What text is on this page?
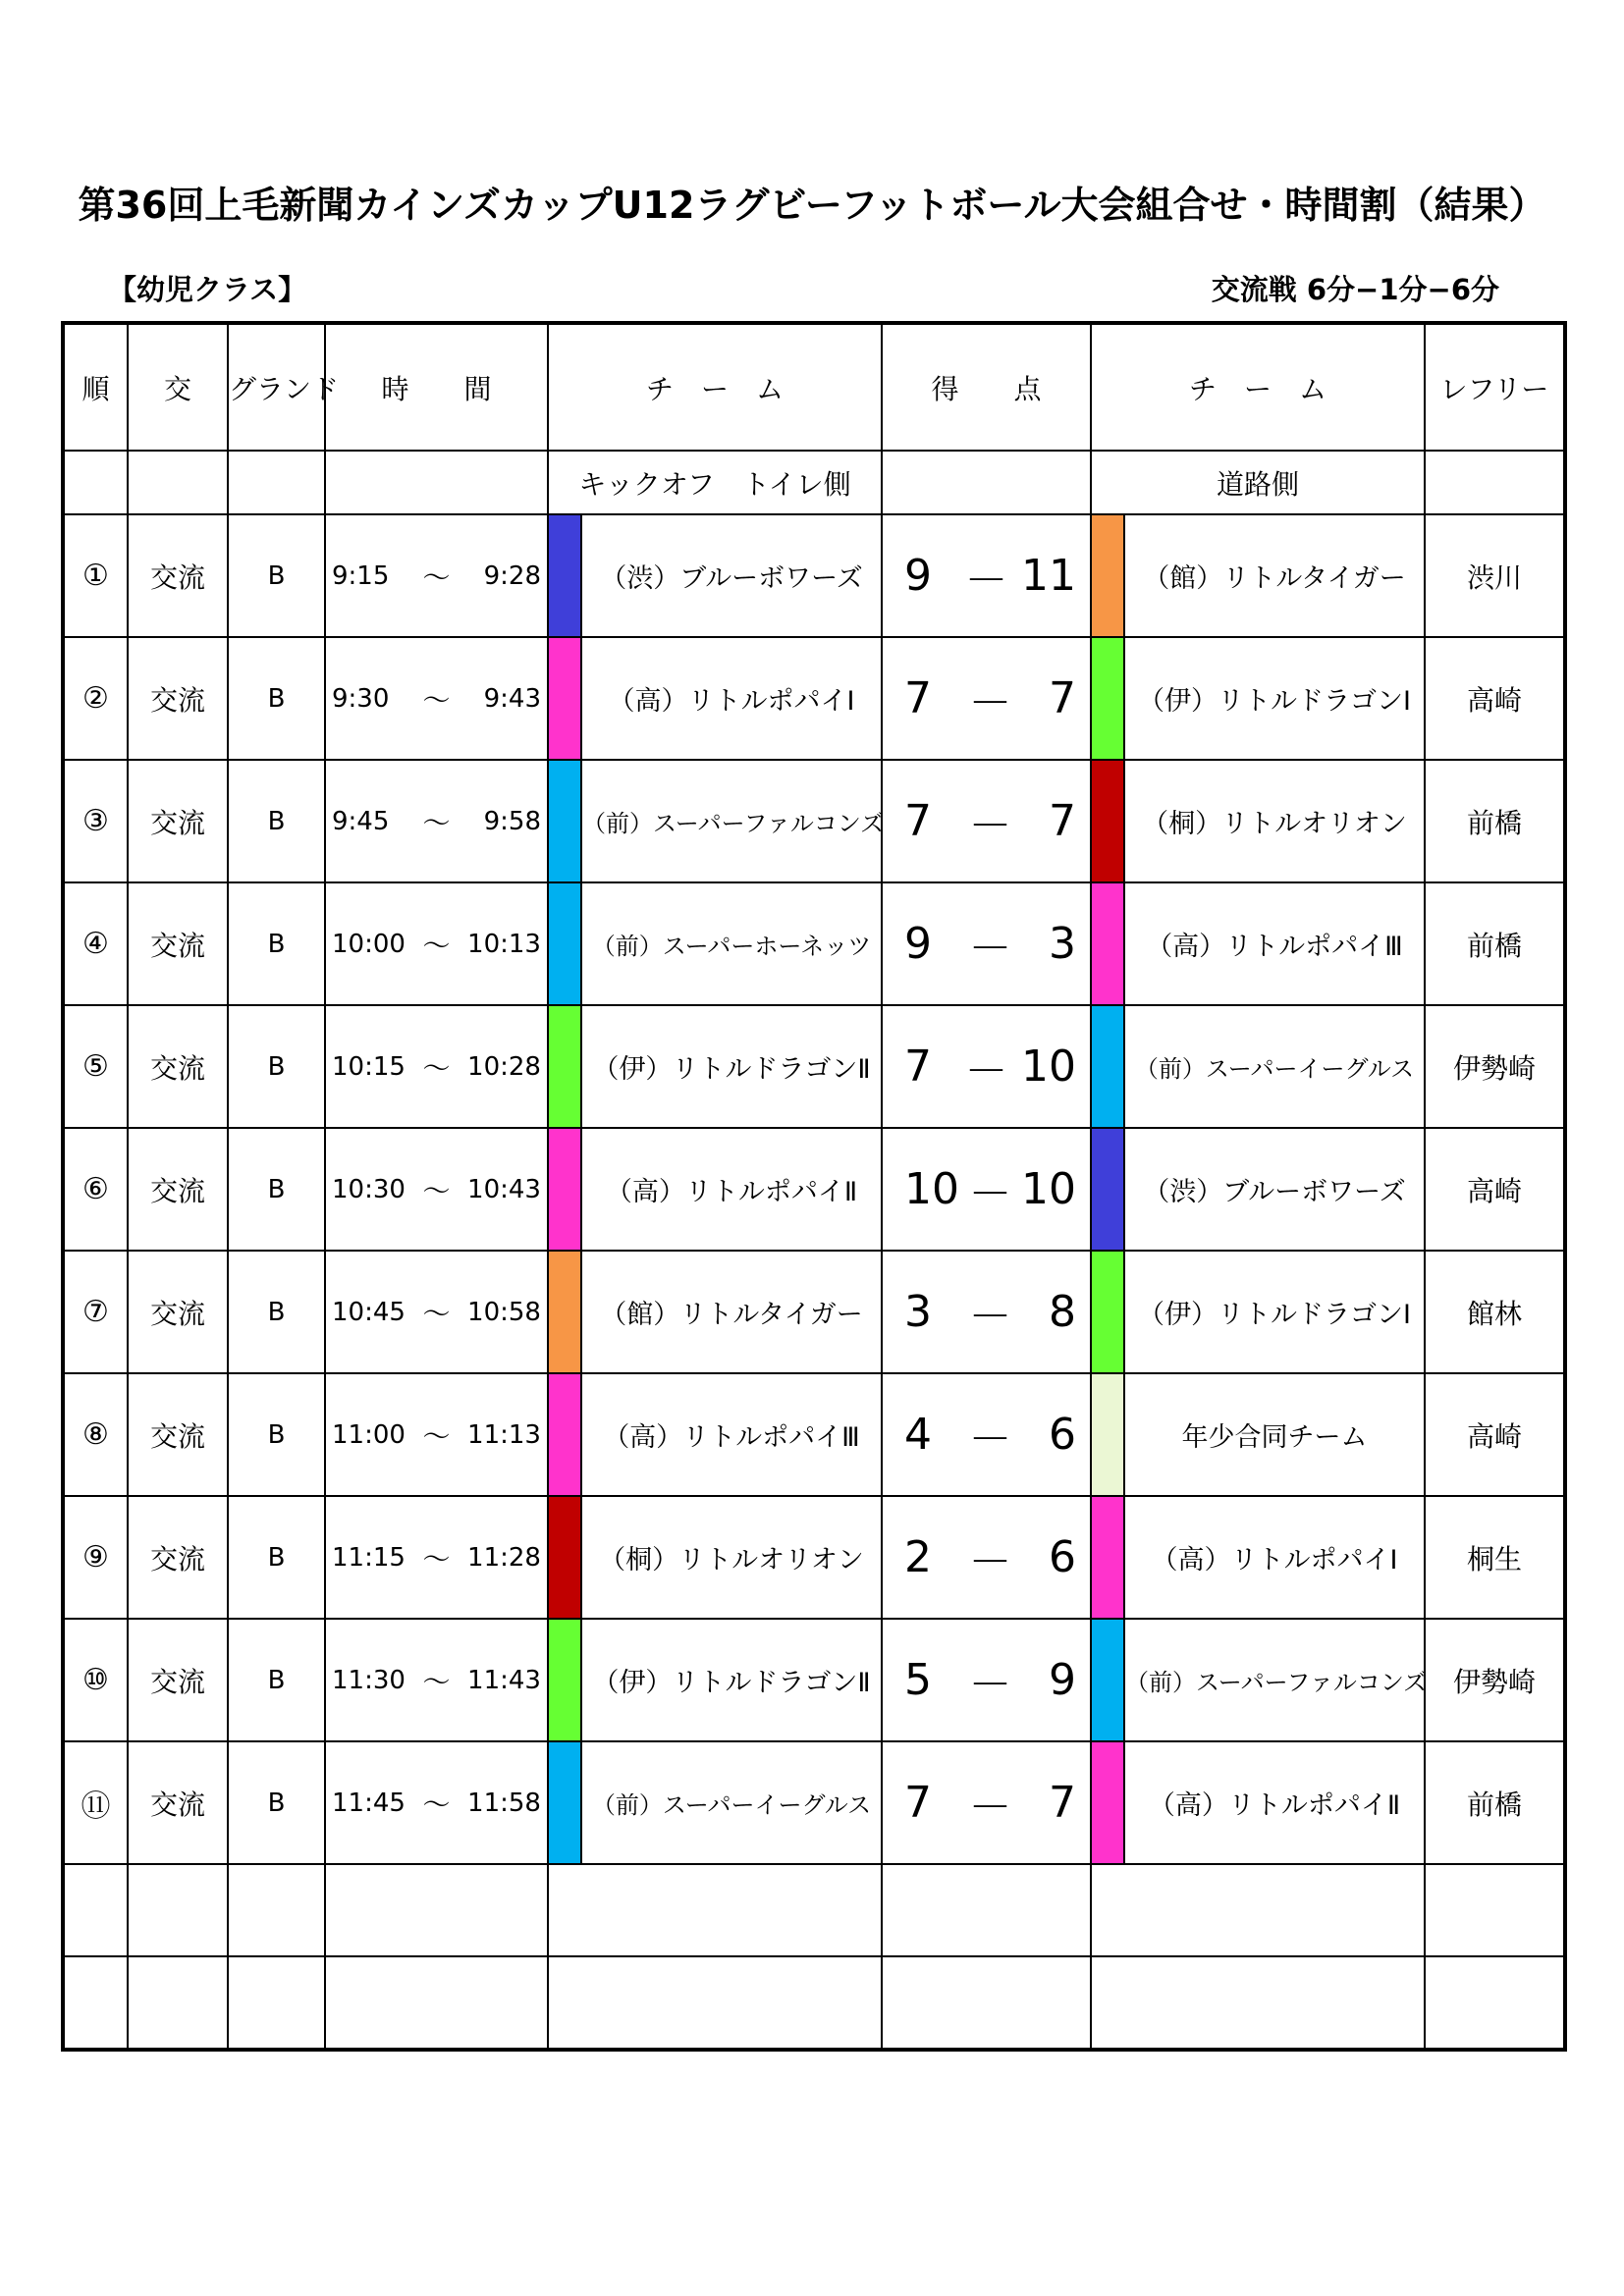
第36回上毛新聞カインズカップU12ラグビーフットボール大会組合せ・時間割（結果）
【幼児クラス】	交流戦 6分−1分−6分
順	交	グランド	時　　間	チ　ー　ム	得　　点	チ　ー　ム	レフリー
				キックオフ　トイレ側		道路側	
①	交流	B	9:15 ～ 9:28	（渋）ブルーボワーズ	9 － 11	（館）リトルタイガー	渋川
②	交流	B	9:30 ～ 9:43	（高）リトルポパイⅠ	7 － 7	（伊）リトルドラゴンⅠ	高崎
③	交流	B	9:45 ～ 9:58	（前）スーパーファルコンズ	7 － 7	（桐）リトルオリオン	前橋
④	交流	B	10:00 ～ 10:13	（前）スーパーホーネッツ	9 － 3	（高）リトルポパイⅢ	前橋
⑤	交流	B	10:15 ～ 10:28	（伊）リトルドラゴンⅡ	7 － 10	（前）スーパーイーグルス	伊勢崎
⑥	交流	B	10:30 ～ 10:43	（高）リトルポパイⅡ	10 － 10	（渋）ブルーボワーズ	高崎
⑦	交流	B	10:45 ～ 10:58	（館）リトルタイガー	3 － 8	（伊）リトルドラゴンⅠ	館林
⑧	交流	B	11:00 ～ 11:13	（高）リトルポパイⅢ	4 － 6	年少合同チーム	高崎
⑨	交流	B	11:15 ～ 11:28	（桐）リトルオリオン	2 － 6	（高）リトルポパイⅠ	桐生
⑩	交流	B	11:30 ～ 11:43	（伊）リトルドラゴンⅡ	5 － 9	（前）スーパーファルコンズ	伊勢崎
⑪	交流	B	11:45 ～ 11:58	（前）スーパーイーグルス	7 － 7	（高）リトルポパイⅡ	前橋
